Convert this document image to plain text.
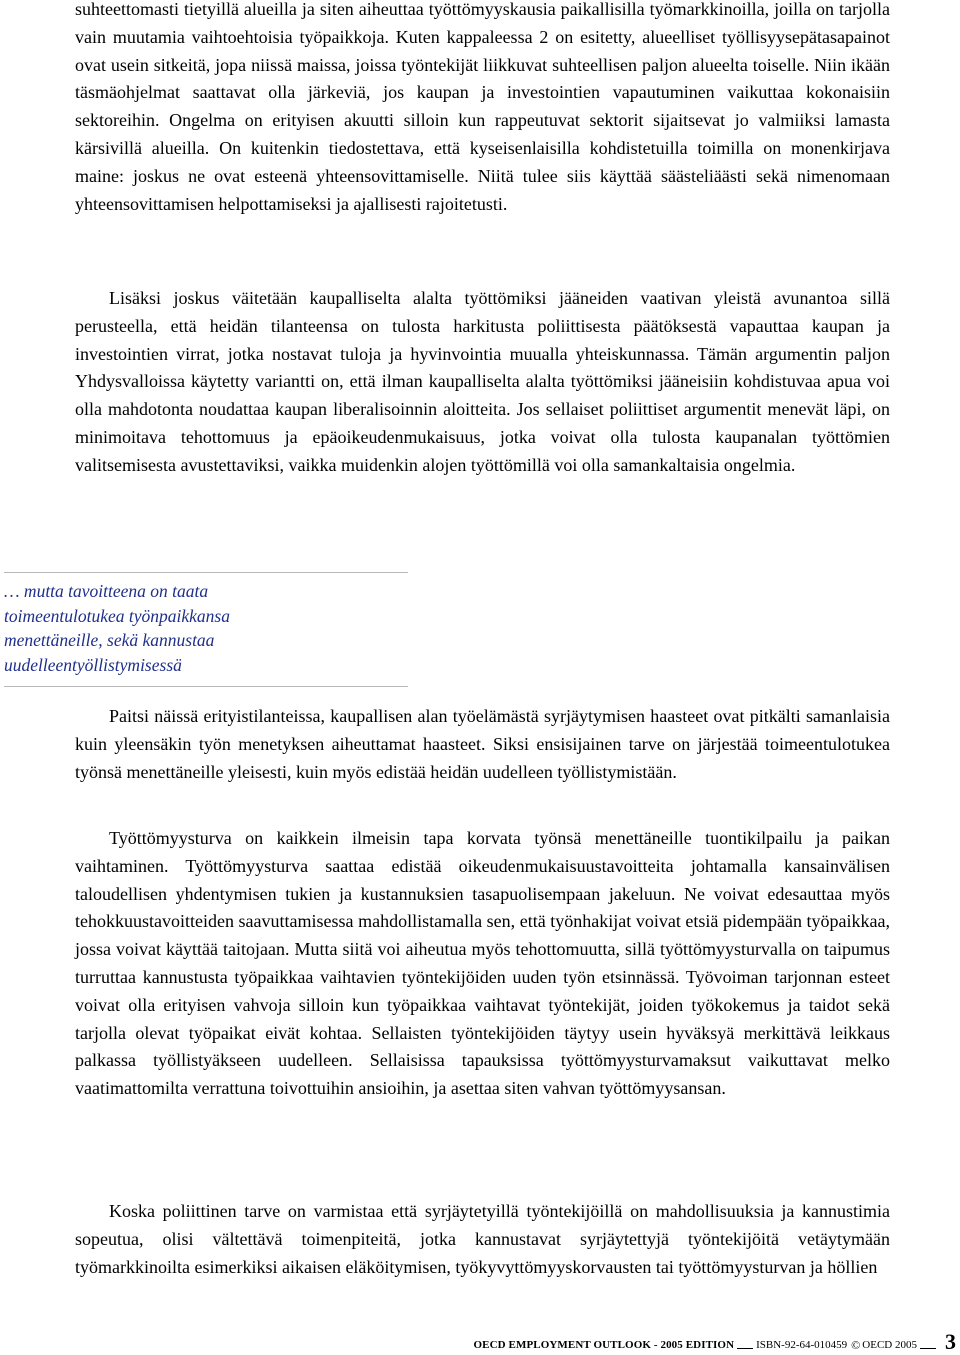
suhteettomasti tietyillä alueilla ja siten aiheuttaa työttömyyskausia paikallisilla työmarkkinoilla, joilla on tarjolla vain muutamia vaihtoehtoisia työpaikkoja. Kuten kappaleessa 2 on esitetty, alueelliset työllisyysepätasapainot ovat usein sitkeitä, jopa niissä maissa, joissa työntekijät liikkuvat suhteellisen paljon alueelta toiselle. Niin ikään täsmäohjelmat saattavat olla järkeviä, jos kaupan ja investointien vapautuminen vaikuttaa kokonaisiin sektoreihin. Ongelma on erityisen akuutti silloin kun rappeutuvat sektorit sijaitsevat jo valmiiksi lamasta kärsivillä alueilla. On kuitenkin tiedostettava, että kyseisenlaisilla kohdistetuilla toimilla on monenkirjava maine: joskus ne ovat esteenä yhteensovittamiselle. Niitä tulee siis käyttää säästeliäästi sekä nimenomaan yhteensovittamisen helpottamiseksi ja ajallisesti rajoitetusti.

Lisäksi joskus väitetään kaupalliselta alalta työttömiksi jääneiden vaativan yleistä avunantoa sillä perusteella, että heidän tilanteensa on tulosta harkitusta poliittisesta päätöksestä vapauttaa kaupan ja investointien virrat, jotka nostavat tuloja ja hyvinvointia muualla yhteiskunnassa. Tämän argumentin paljon Yhdysvalloissa käytetty variantti on, että ilman kaupalliselta alalta työttömiksi jääneisiin kohdistuvaa apua voi olla mahdotonta noudattaa kaupan liberalisoinnin aloitteita. Jos sellaiset poliittiset argumentit menevät läpi, on minimoitava tehottomuus ja epäoikeudenmukaisuus, jotka voivat olla tulosta kaupanalan työttömien valitsemisesta avustettaviksi, vaikka muidenkin alojen työttömillä voi olla samankaltaisia ongelmia.

… mutta tavoitteena on taata toimeentulotukea työnpaikkansa menettäneille, sekä kannustaa uudelleentyöllistymisessä

Paitsi näissä erityistilanteissa, kaupallisen alan työelämästä syrjäytymisen haasteet ovat pitkälti samanlaisia kuin yleensäkin työn menetyksen aiheuttamat haasteet. Siksi ensisijainen tarve on järjestää toimeentulotukea työnsä menettäneille yleisesti, kuin myös edistää heidän uudelleen työllistymistään.

Työttömyysturva on kaikkein ilmeisin tapa korvata työnsä menettäneille tuontikilpailu ja paikan vaihtaminen. Työttömyysturva saattaa edistää oikeudenmukaisuustavoitteita johtamalla kansainvälisen taloudellisen yhdentymisen tukien ja kustannuksien tasapuolisempaan jakeluun. Ne voivat edesauttaa myös tehokkuustavoitteiden saavuttamisessa mahdollistamalla sen, että työnhakijat voivat etsiä pidempään työpaikkaa, jossa voivat käyttää taitojaan. Mutta siitä voi aiheutua myös tehottomuutta, sillä työttömyysturvalla on taipumus turruttaa kannustusta työpaikkaa vaihtavien työntekijöiden uuden työn etsinnässä. Työvoiman tarjonnan esteet voivat olla erityisen vahvoja silloin kun työpaikkaa vaihtavat työntekijät, joiden työkokemus ja taidot sekä tarjolla olevat työpaikat eivät kohtaa. Sellaisten työntekijöiden täytyy usein hyväksyä merkittävä leikkaus palkassa työllistyäkseen uudelleen. Sellaisissa tapauksissa työttömyysturvamaksut vaikuttavat melko vaatimattomilta verrattuna toivottuihin ansioihin, ja asettaa siten vahvan työttömyysansan.

Koska poliittinen tarve on varmistaa että syrjäytetyillä työntekijöillä on mahdollisuuksia ja kannustimia sopeutua, olisi vältettävä toimenpiteitä, jotka kannustavat syrjäytettyjä työntekijöitä vetäytymään työmarkkinoilta esimerkiksi aikaisen eläköitymisen, työkyvyttömyyskorvausten tai työttömyysturvan ja höllien

OECD EMPLOYMENT OUTLOOK - 2005 EDITION ISBN-92-64-010459
© OECD 2005 3
